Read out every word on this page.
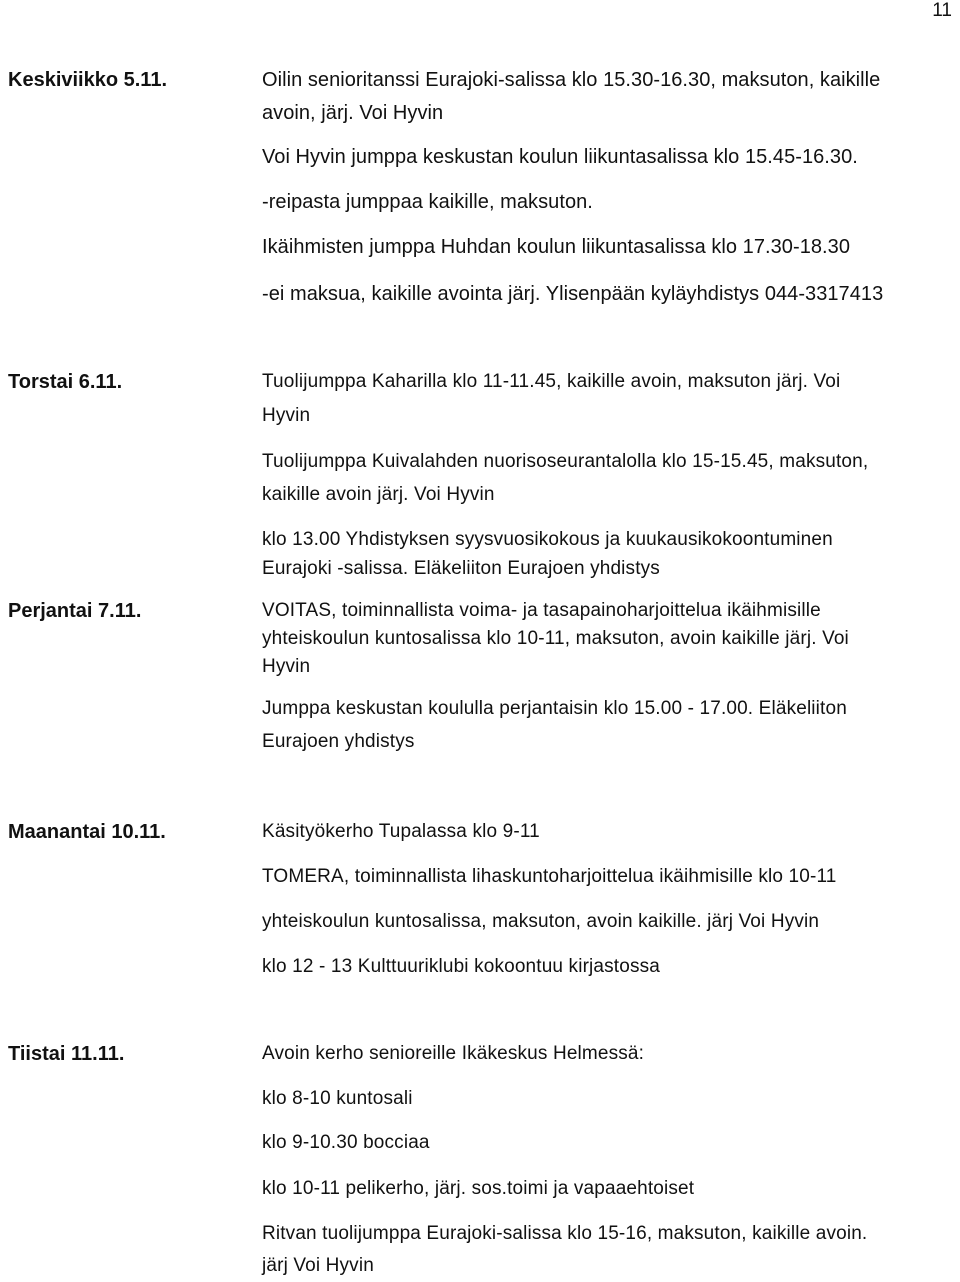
11
Keskiviikko 5.11.	Oilin senioritanssi Eurajoki-salissa klo 15.30-16.30, maksuton, kaikille
avoin, järj. Voi Hyvin
Voi Hyvin jumppa keskustan koulun liikuntasalissa klo 15.45-16.30.
-reipasta jumppaa kaikille, maksuton.
Ikäihmisten jumppa Huhdan koulun liikuntasalissa klo 17.30-18.30
-ei maksua, kaikille avointa järj. Ylisenpään kyläyhdistys 044-3317413
Torstai 6.11.	Tuolijumppa Kaharilla klo 11-11.45, kaikille avoin, maksuton järj. Voi
Hyvin
Tuolijumppa Kuivalahden nuorisoseurantalolla klo 15-15.45, maksuton,
kaikille avoin järj. Voi Hyvin
klo 13.00 Yhdistyksen syysvuosikokous ja kuukausikokoontuminen
Eurajoki -salissa. Eläkeliiton Eurajoen yhdistys
Perjantai 7.11.	VOITAS, toiminnallista voima- ja tasapainoharjoittelua ikäihmisille
yhteiskoulun kuntosalissa klo 10-11, maksuton, avoin kaikille järj. Voi
Hyvin
Jumppa keskustan koululla perjantaisin klo 15.00 - 17.00. Eläkeliiton
Eurajoen yhdistys
Maanantai 10.11.	Käsityökerho Tupalassa klo 9-11
TOMERA, toiminnallista lihaskuntoharjoittelua ikäihmisille klo 10-11
yhteiskoulun kuntosalissa, maksuton, avoin kaikille. järj Voi Hyvin
klo 12 - 13 Kulttuuriklubi kokoontuu kirjastossa
Tiistai 11.11.	Avoin kerho senioreille Ikäkeskus Helmessä:
klo 8-10 kuntosali
klo 9-10.30 bocciaa
klo 10-11 pelikerho, järj. sos.toimi ja vapaaehtoiset
Ritvan tuolijumppa Eurajoki-salissa klo 15-16, maksuton, kaikille avoin.
järj Voi Hyvin
